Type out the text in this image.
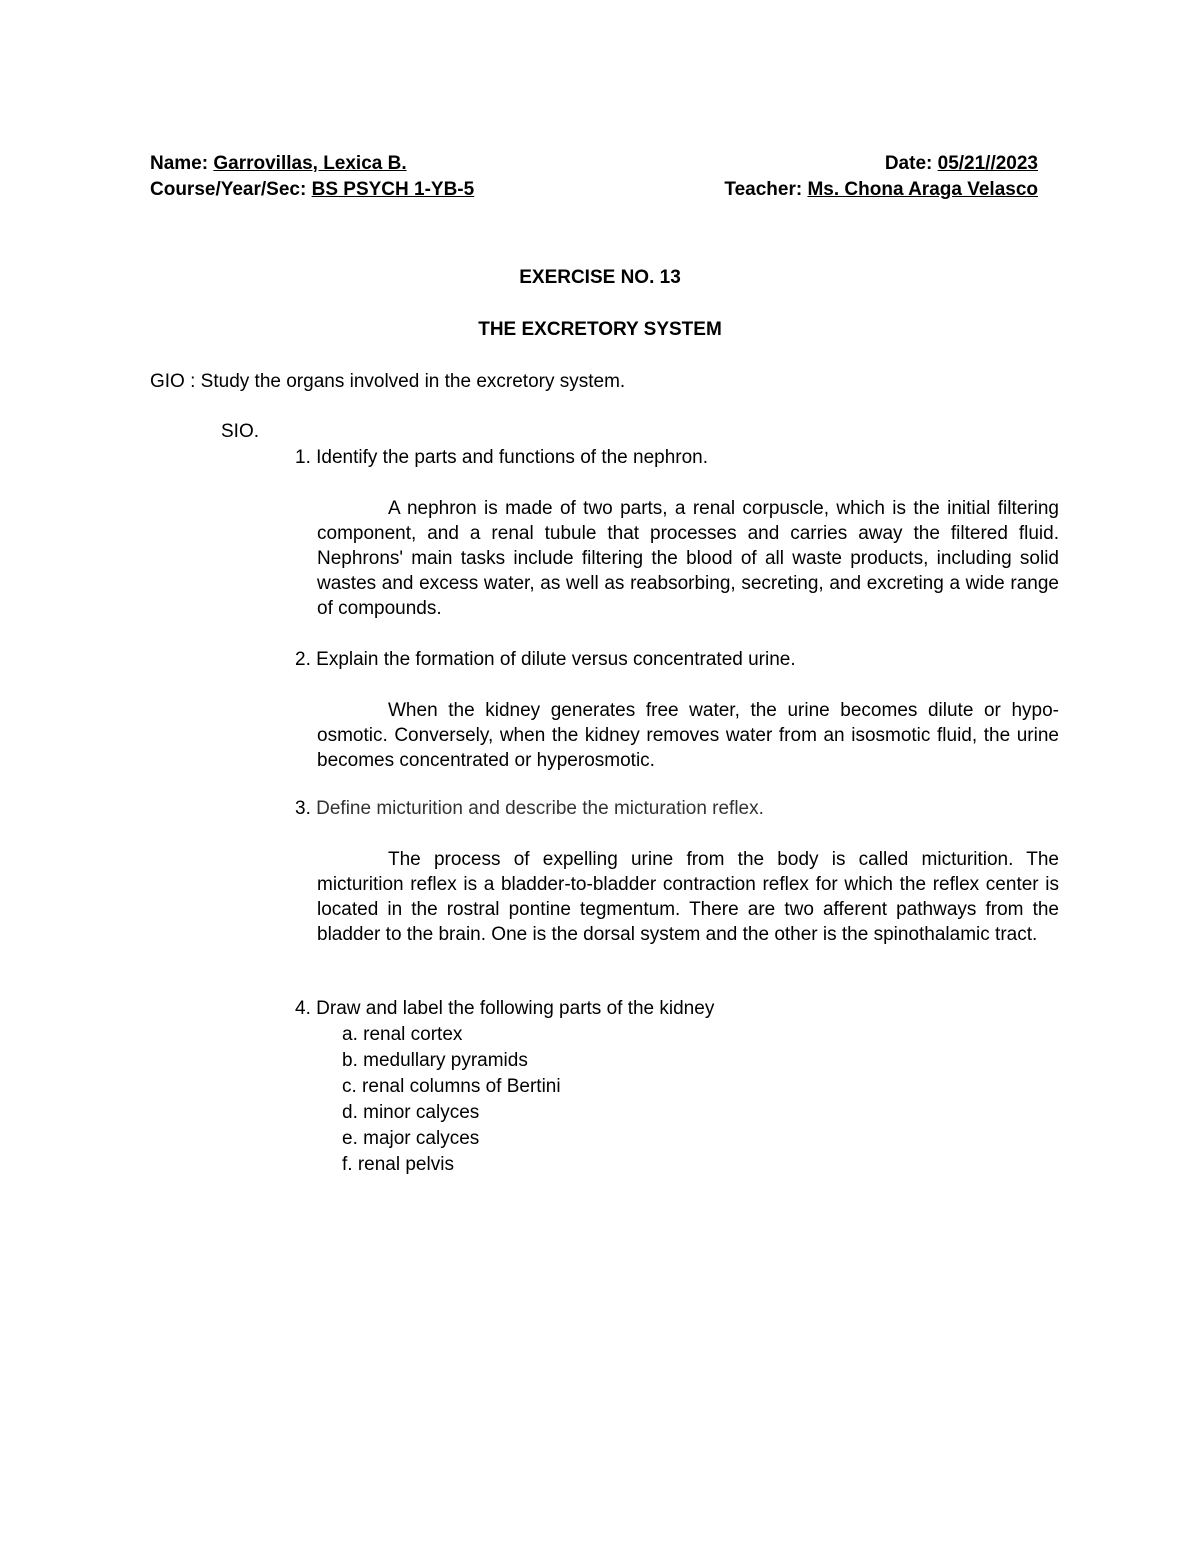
Name: Garrovillas, Lexica B.	Date: 05/21//2023
Course/Year/Sec: BS PSYCH 1-YB-5	Teacher: Ms. Chona Araga Velasco
EXERCISE NO. 13
THE EXCRETORY SYSTEM
GIO : Study the organs involved in the excretory system.
SIO.
1. Identify the parts and functions of the nephron.
A nephron is made of two parts, a renal corpuscle, which is the initial filtering component, and a renal tubule that processes and carries away the filtered fluid. Nephrons' main tasks include filtering the blood of all waste products, including solid wastes and excess water, as well as reabsorbing, secreting, and excreting a wide range of compounds.
2. Explain the formation of dilute versus concentrated urine.
When the kidney generates free water, the urine becomes dilute or hypo-osmotic. Conversely, when the kidney removes water from an isosmotic fluid, the urine becomes concentrated or hyperosmotic.
3. Define micturition and describe the micturation reflex.
The process of expelling urine from the body is called micturition. The micturition reflex is a bladder-to-bladder contraction reflex for which the reflex center is located in the rostral pontine tegmentum. There are two afferent pathways from the bladder to the brain. One is the dorsal system and the other is the spinothalamic tract.
4. Draw and label the following parts of the kidney
a. renal cortex
b. medullary pyramids
c. renal columns of Bertini
d. minor calyces
e. major calyces
f. renal pelvis
